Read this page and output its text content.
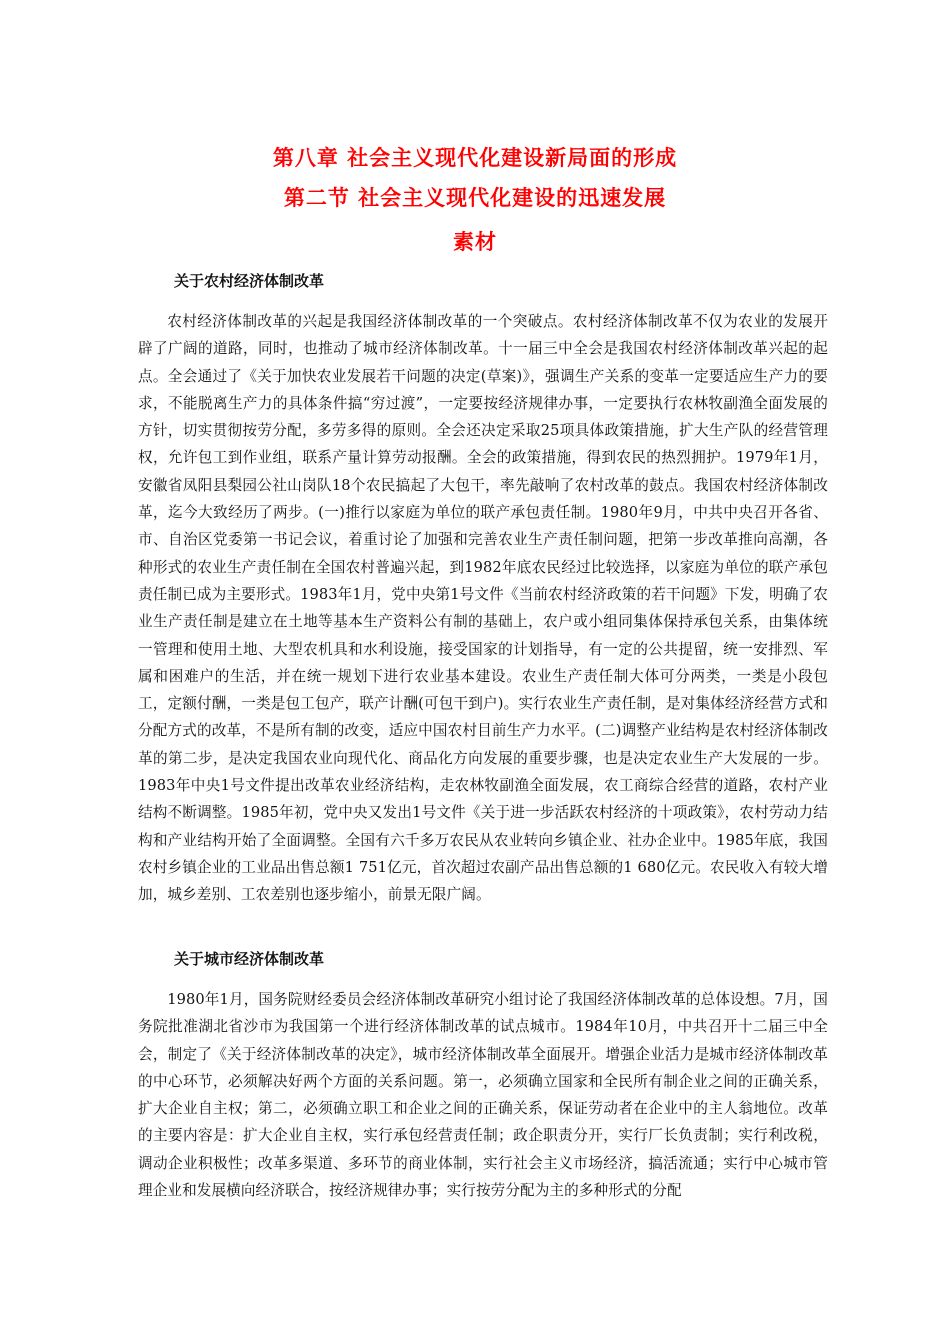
第八章 社会主义现代化建设新局面的形成
第二节 社会主义现代化建设的迅速发展
素材
关于农村经济体制改革

农村经济体制改革的兴起是我国经济体制改革的一个突破点。农村经济体制改革不仅为农业的发展开辟了广阔的道路，同时，也推动了城市经济体制改革。十一届三中全会是我国农村经济体制改革兴起的起点。全会通过了《关于加快农业发展若干问题的决定(草案)》，强调生产关系的变革一定要适应生产力的要求，不能脱离生产力的具体条件搞“穷过渡”，一定要按经济规律办事，一定要执行农林牧副渔全面发展的方针，切实贯彻按劳分配，多劳多得的原则。全会还决定采取25项具体政策措施，扩大生产队的经营管理权，允许包工到作业组，联系产量计算劳动报酬。全会的政策措施，得到农民的热烈拥护。1979年1月，安徽省凤阳县梨园公社山岗队18个农民搞起了大包干，率先敲响了农村改革的鼓点。我国农村经济体制改革，迄今大致经历了两步。(一)推行以家庭为单位的联产承包责任制。1980年9月，中共中央召开各省、市、自治区党委第一书记会议，着重讨论了加强和完善农业生产责任制问题，把第一步改革推向高潮，各种形式的农业生产责任制在全国农村普遍兴起，到1982年底农民经过比较选择，以家庭为单位的联产承包责任制已成为主要形式。1983年1月，党中央第1号文件《当前农村经济政策的若干问题》下发，明确了农业生产责任制是建立在土地等基本生产资料公有制的基础上，农户或小组同集体保持承包关系，由集体统一管理和使用土地、大型农机具和水利设施，接受国家的计划指导，有一定的公共提留，统一安排烈、军属和困难户的生活，并在统一规划下进行农业基本建设。农业生产责任制大体可分两类，一类是小段包工，定额付酬，一类是包工包产，联产计酬(可包干到户)。实行农业生产责任制，是对集体经济经营方式和分配方式的改革，不是所有制的改变，适应中国农村目前生产力水平。(二)调整产业结构是农村经济体制改革的第二步，是决定我国农业向现代化、商品化方向发展的重要步骤，也是决定农业生产大发展的一步。1983年中央1号文件提出改革农业经济结构，走农林牧副渔全面发展，农工商综合经营的道路，农村产业结构不断调整。1985年初，党中央又发出1号文件《关于进一步活跃农村经济的十项政策》，农村劳动力结构和产业结构开始了全面调整。全国有六千多万农民从农业转向乡镇企业、社办企业中。1985年底，我国农村乡镇企业的工业品出售总额1 751亿元，首次超过农副产品出售总额的1 680亿元。农民收入有较大增加，城乡差别、工农差别也逐步缩小，前景无限广阔。

关于城市经济体制改革

1980年1月，国务院财经委员会经济体制改革研究小组讨论了我国经济体制改革的总体设想。7月，国务院批准湖北省沙市为我国第一个进行经济体制改革的试点城市。1984年10月，中共召开十二届三中全会，制定了《关于经济体制改革的决定》，城市经济体制改革全面展开。增强企业活力是城市经济体制改革的中心环节，必须解决好两个方面的关系问题。第一，必须确立国家和全民所有制企业之间的正确关系，扩大企业自主权；第二，必须确立职工和企业之间的正确关系，保证劳动者在企业中的主人翁地位。改革的主要内容是：扩大企业自主权，实行承包经营责任制；政企职责分开，实行厂长负责制；实行利改税，调动企业积极性；改革多渠道、多环节的商业体制，实行社会主义市场经济，搞活流通；实行中心城市管理企业和发展横向经济联合，按经济规律办事；实行按劳分配为主的多种形式的分配
